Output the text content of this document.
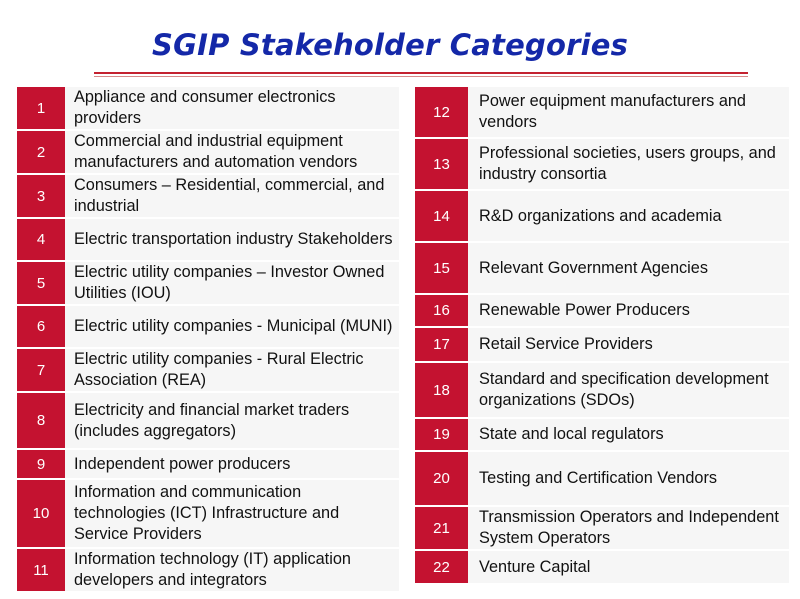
SGIP Stakeholder Categories
1	Appliance and consumer electronics providers
2	Commercial and industrial equipment manufacturers and automation vendors
3	Consumers – Residential, commercial, and industrial
4	Electric transportation industry Stakeholders
5	Electric utility companies – Investor Owned Utilities (IOU)
6	Electric utility companies - Municipal (MUNI)
7	Electric utility companies - Rural Electric Association (REA)
8	Electricity and financial market traders (includes aggregators)
9	Independent power producers
10	Information and communication technologies (ICT) Infrastructure and Service Providers
11	Information technology (IT) application developers and integrators
12	Power equipment manufacturers and vendors
13	Professional societies, users groups, and industry consortia
14	R&D organizations and academia
15	Relevant Government Agencies
16	Renewable Power Producers
17	Retail Service Providers
18	Standard and specification development organizations (SDOs)
19	State and local regulators
20	Testing and Certification Vendors
21	Transmission Operators and Independent System Operators
22	Venture Capital
